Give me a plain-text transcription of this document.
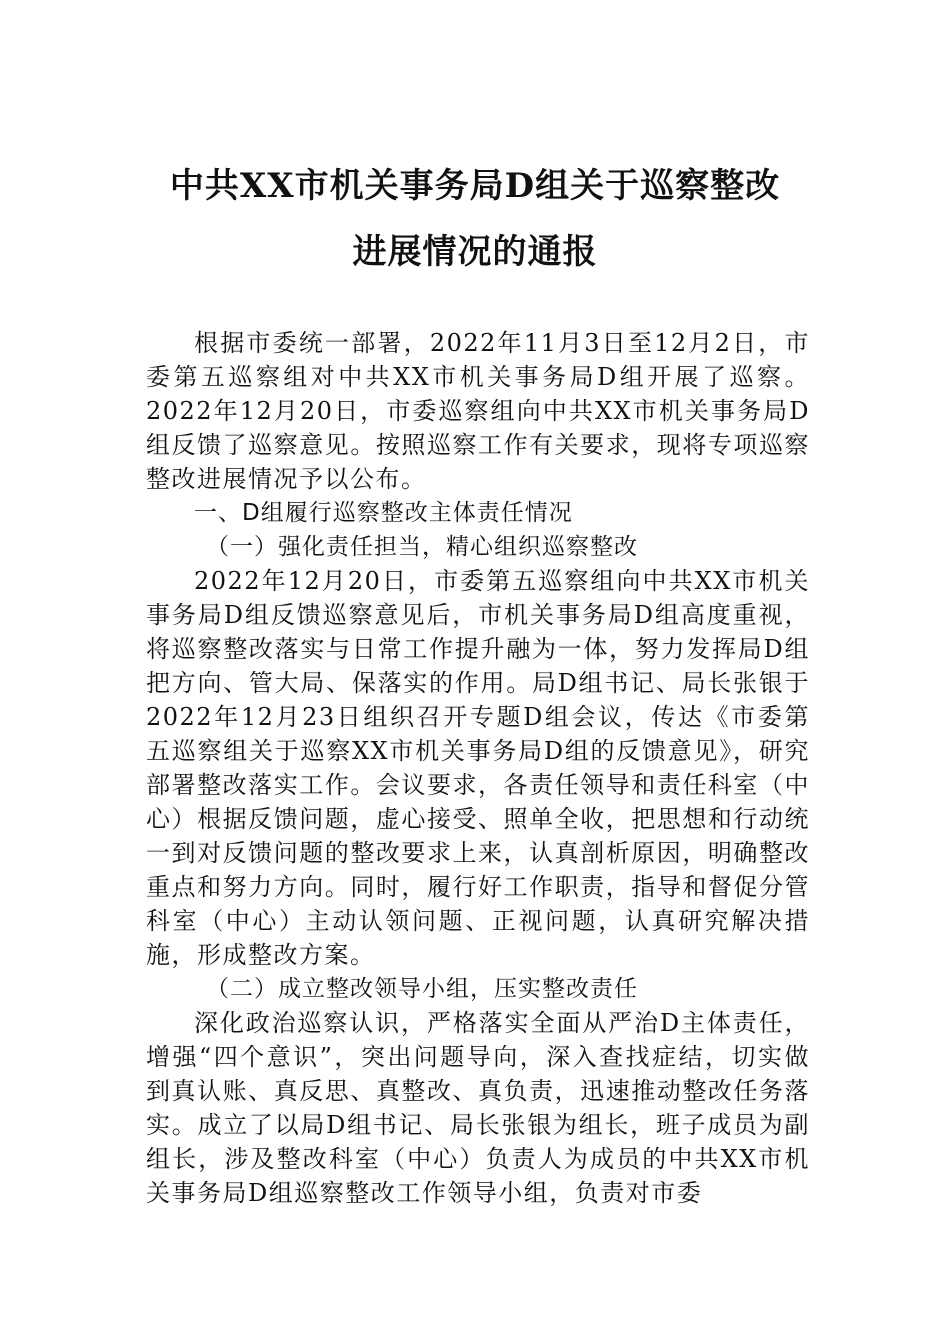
中共XX市机关事务局D组关于巡察整改
进展情况的通报

根据市委统一部署，2022年11月3日至12月2日，市委第五巡察组对中共XX市机关事务局D组开展了巡察。2022年12月20日，市委巡察组向中共XX市机关事务局D组反馈了巡察意见。按照巡察工作有关要求，现将专项巡察整改进展情况予以公布。

一、D组履行巡察整改主体责任情况

（一）强化责任担当，精心组织巡察整改

2022年12月20日，市委第五巡察组向中共XX市机关事务局D组反馈巡察意见后，市机关事务局D组高度重视，将巡察整改落实与日常工作提升融为一体，努力发挥局D组把方向、管大局、保落实的作用。局D组书记、局长张银于2022年12月23日组织召开专题D组会议，传达《市委第五巡察组关于巡察XX市机关事务局D组的反馈意见》，研究部署整改落实工作。会议要求，各责任领导和责任科室（中心）根据反馈问题，虚心接受、照单全收，把思想和行动统一到对反馈问题的整改要求上来，认真剖析原因，明确整改重点和努力方向。同时，履行好工作职责，指导和督促分管科室（中心）主动认领问题、正视问题，认真研究解决措施，形成整改方案。

（二）成立整改领导小组，压实整改责任

深化政治巡察认识，严格落实全面从严治D主体责任，增强“四个意识”，突出问题导向，深入查找症结，切实做到真认账、真反思、真整改、真负责，迅速推动整改任务落实。成立了以局D组书记、局长张银为组长，班子成员为副组长，涉及整改科室（中心）负责人为成员的中共XX市机关事务局D组巡察整改工作领导小组，负责对市委
